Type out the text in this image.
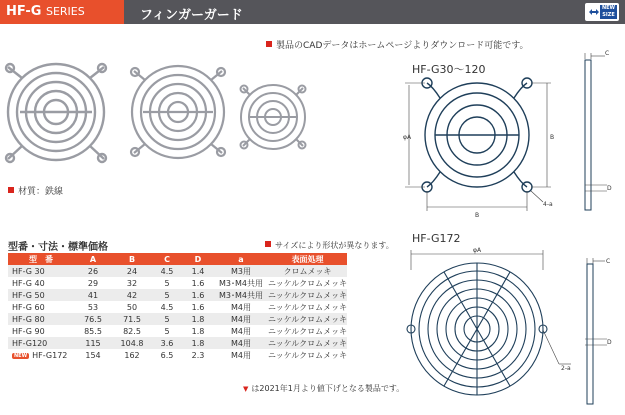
HF-G SERIES	フィンガーガード	NEW
SIZE
製品のCADデータはホームページよりダウンロード可能です。
材質：鉄線
HF-G30～120
φA	B
B
4-a
C
D
HF-G172
φA
2-a
C
D
型番・寸法・標準価格	サイズにより形状が異なります。
型　番	A	B	C	D	a	表面処理
HF-G 30	26	24	4.5	1.4	M3用	クロムメッキ
HF-G 40	29	32	5	1.6	M3･M4共用	ニッケルクロムメッキ
HF-G 50	41	42	5	1.6	M3･M4共用	ニッケルクロムメッキ
HF-G 60	53	50	4.5	1.6	M4用	ニッケルクロムメッキ
HF-G 80	76.5	71.5	5	1.8	M4用	ニッケルクロムメッキ
HF-G 90	85.5	82.5	5	1.8	M4用	ニッケルクロムメッキ
HF-G120	115	104.8	3.6	1.8	M4用	ニッケルクロムメッキ
NEW HF-G172	154	162	6.5	2.3	M4用	ニッケルクロムメッキ
▼ は2021年1月より値下げとなる製品です。
